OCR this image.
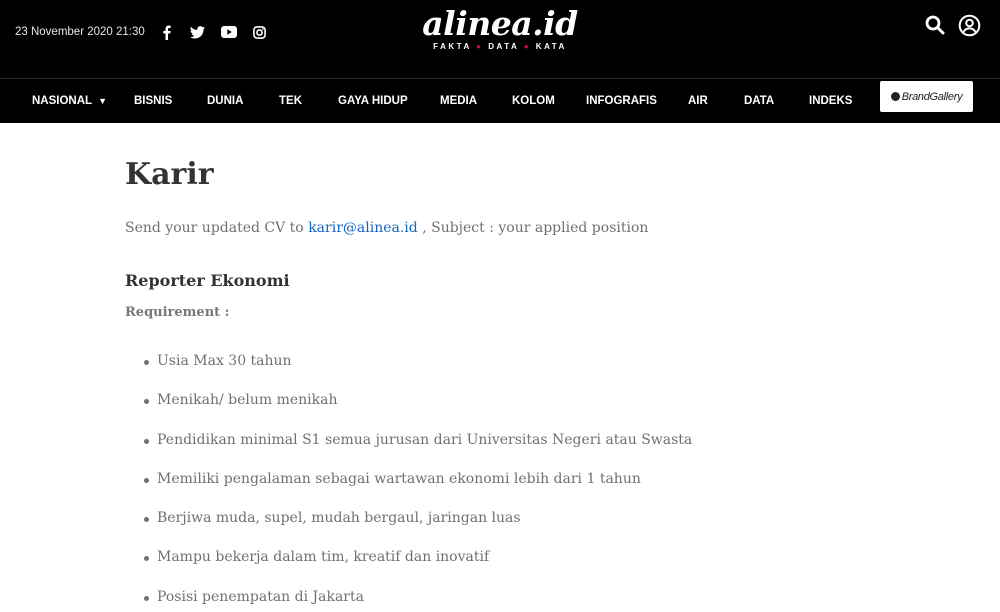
23 November 2020 21:30	alinea.id
FAKTA ● DATA ● KATA
NASIONAL ▼ BISNIS	DUNIA	TEK	GAYA HIDUP	MEDIA	KOLOM	INFOGRAFIS	AIR	DATA	INDEKS	BrandGallery
Karir

Send your updated CV to karir@alinea.id , Subject : your applied position

Reporter Ekonomi
Requirement :
Usia Max 30 tahun
Menikah/ belum menikah
Pendidikan minimal S1 semua jurusan dari Universitas Negeri atau Swasta
Memiliki pengalaman sebagai wartawan ekonomi lebih dari 1 tahun
Berjiwa muda, supel, mudah bergaul, jaringan luas
Mampu bekerja dalam tim, kreatif dan inovatif
Posisi penempatan di Jakarta
